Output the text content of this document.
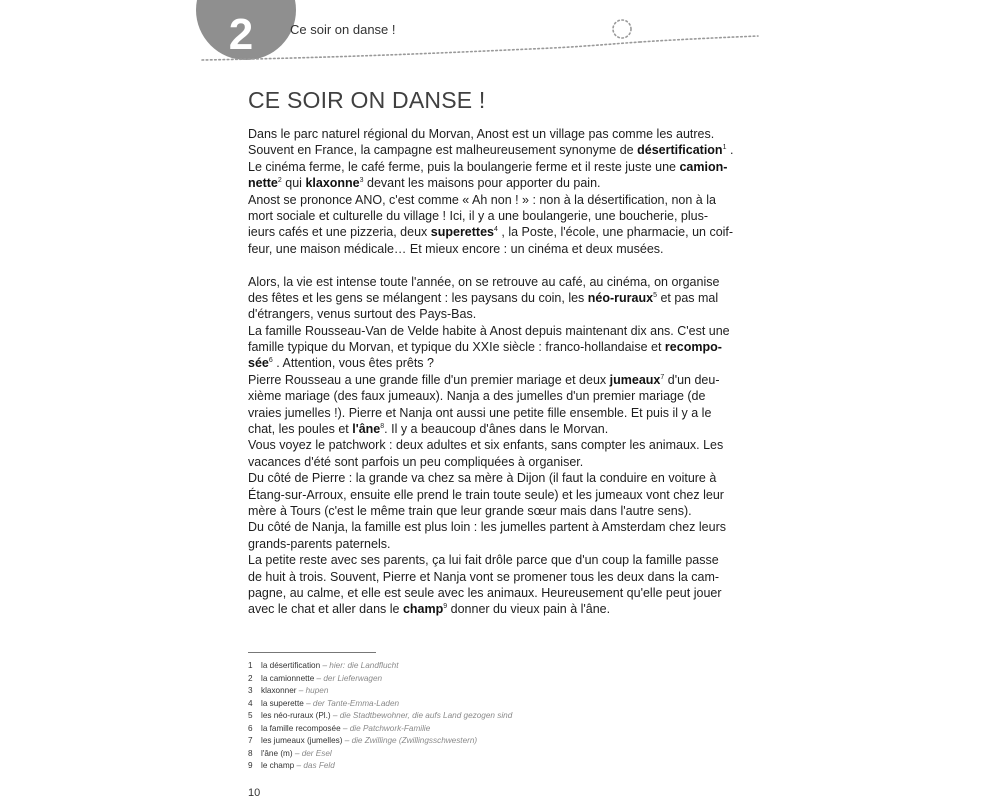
2	Ce soir on danse !
CE SOIR ON DANSE !
Dans le parc naturel régional du Morvan, Anost est un village pas comme les autres.
Souvent en France, la campagne est malheureusement synonyme de désertification$^1$ .
Le cinéma ferme, le café ferme, puis la boulangerie ferme et il reste juste une camion-
nette$^2$ qui klaxonne$^3$ devant les maisons pour apporter du pain.
Anost se prononce ANO, c'est comme « Ah non ! » : non à la désertification, non à la
mort sociale et culturelle du village ! Ici, il y a une boulangerie, une boucherie, plus-
ieurs cafés et une pizzeria, deux superettes$^4$ , la Poste, l'école, une pharmacie, un coif-
feur, une maison médicale… Et mieux encore : un cinéma et deux musées.
Alors, la vie est intense toute l'année, on se retrouve au café, au cinéma, on organise
des fêtes et les gens se mélangent : les paysans du coin, les néo-ruraux$^5$ et pas mal
d'étrangers, venus surtout des Pays-Bas.
La famille Rousseau-Van de Velde habite à Anost depuis maintenant dix ans. C'est une
famille typique du Morvan, et typique du XXIe siècle : franco-hollandaise et recompo-
sée$^6$ . Attention, vous êtes prêts ?
Pierre Rousseau a une grande fille d'un premier mariage et deux jumeaux$^7$ d'un deu-
xième mariage (des faux jumeaux). Nanja a des jumelles d'un premier mariage (de
vraies jumelles !). Pierre et Nanja ont aussi une petite fille ensemble. Et puis il y a le
chat, les poules et l'âne$^8$. Il y a beaucoup d'ânes dans le Morvan.
Vous voyez le patchwork : deux adultes et six enfants, sans compter les animaux. Les
vacances d'été sont parfois un peu compliquées à organiser.
Du côté de Pierre : la grande va chez sa mère à Dijon (il faut la conduire en voiture à
Étang-sur-Arroux, ensuite elle prend le train toute seule) et les jumeaux vont chez leur
mère à Tours (c'est le même train que leur grande sœur mais dans l'autre sens).
Du côté de Nanja, la famille est plus loin : les jumelles partent à Amsterdam chez leurs
grands-parents paternels.
La petite reste avec ses parents, ça lui fait drôle parce que d'un coup la famille passe
de huit à trois. Souvent, Pierre et Nanja vont se promener tous les deux dans la cam-
pagne, au calme, et elle est seule avec les animaux. Heureusement qu'elle peut jouer
avec le chat et aller dans le champ$^9$ donner du vieux pain à l'âne.
1 la désertification – hier: die Landflucht
2 la camionnette – der Lieferwagen
3 klaxonner – hupen
4 la superette – der Tante-Emma-Laden
5 les néo-ruraux (Pl.) – die Stadtbewohner, die aufs Land gezogen sind
6 la famille recomposée – die Patchwork-Familie
7 les jumeaux (jumelles) – die Zwillinge (Zwillingsschwestern)
8 l'âne (m) – der Esel
9 le champ – das Feld
10
